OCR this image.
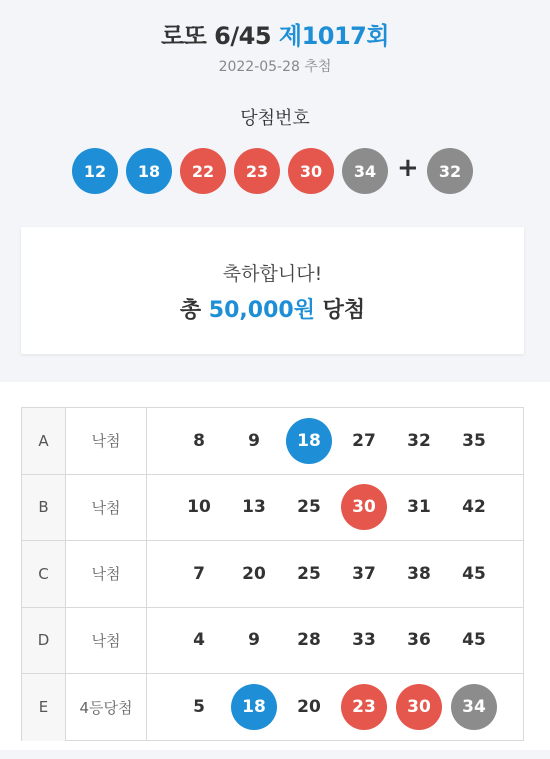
로또 6/45 제1017회
2022-05-28 추첨
당첨번호
12	18	22	23	30	34 +	32
축하합니다!
총 50,000원 당첨
A	낙첨	8	9	18	27	32	35
B	낙첨	10	13	25	30	31	42
C	낙첨	7	20	25	37	38	45
D	낙첨	4	9	28	33	36	45
E	4등당첨	5	18	20	23	30	34
